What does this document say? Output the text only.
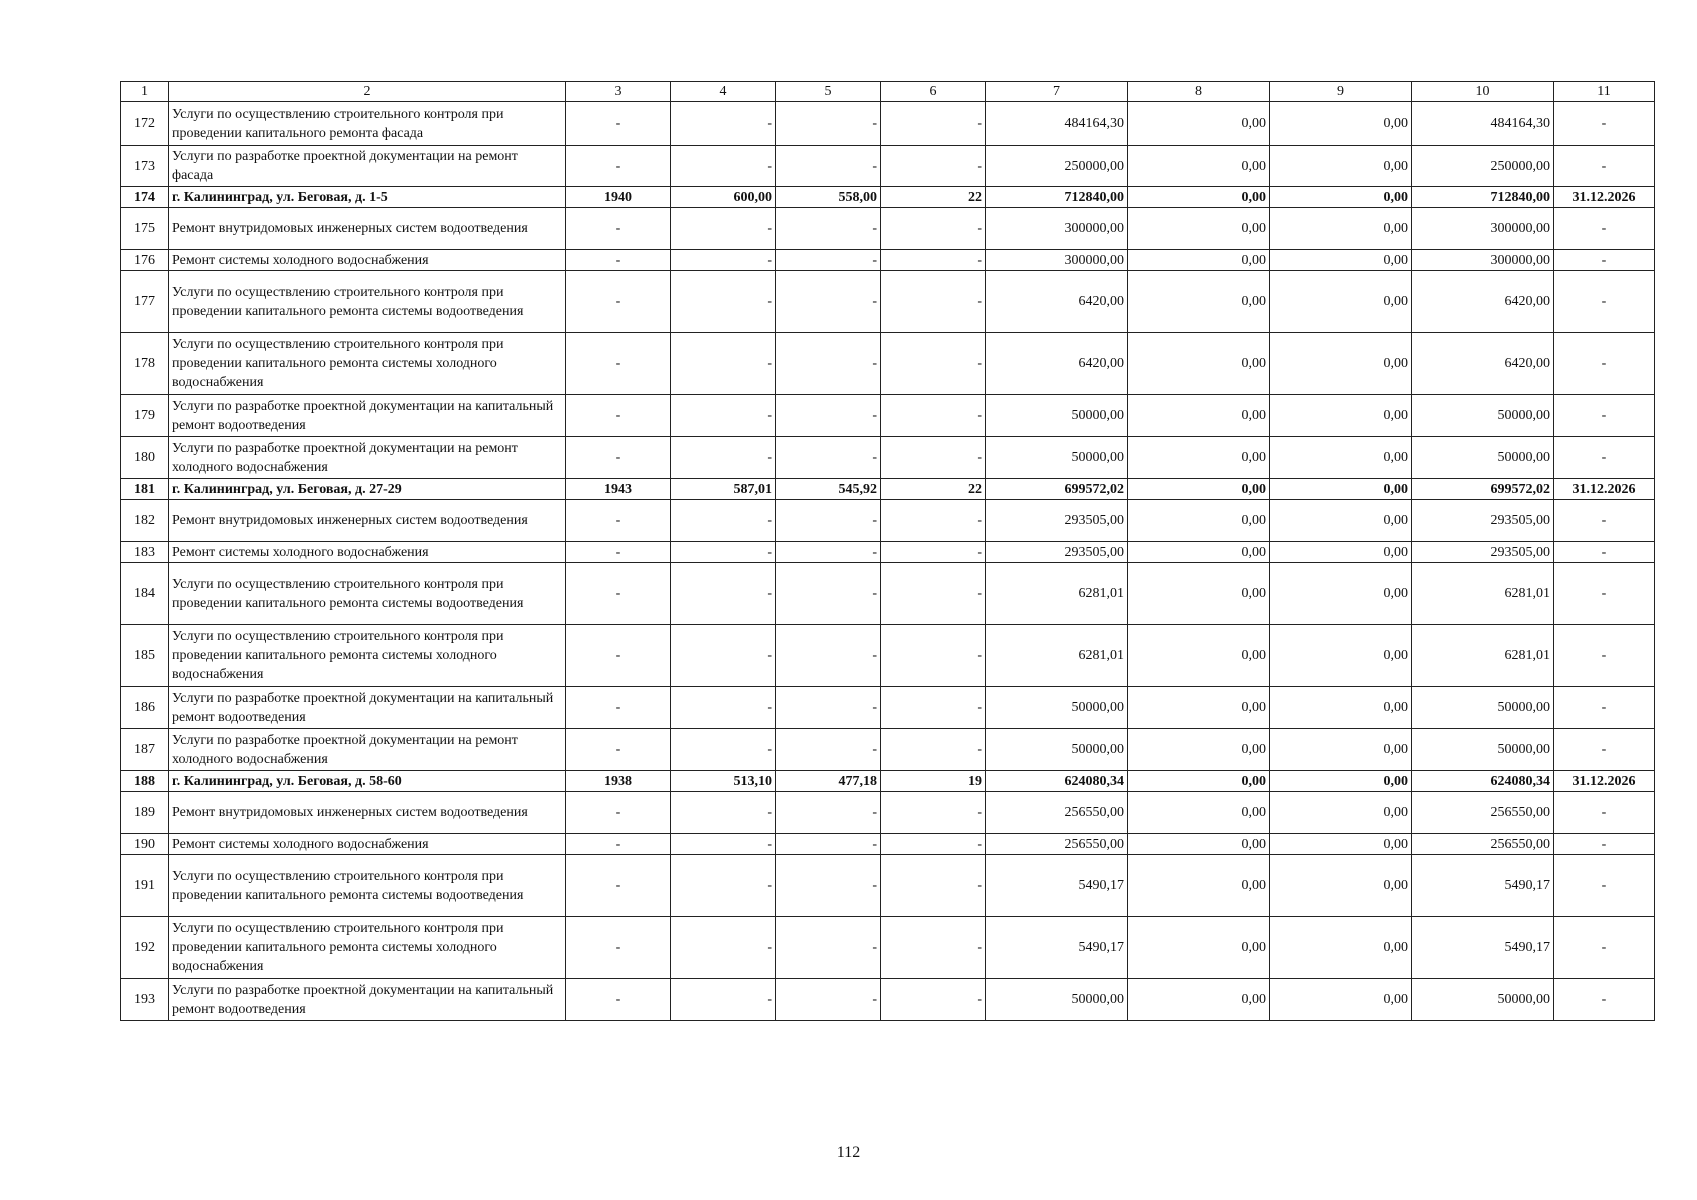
1	2	3	4	5	6	7	8	9	10	11
172	Услуги по осуществлению строительного контроля при проведении капитального ремонта фасада	-	-	-	-	484164,30	0,00	0,00	484164,30	-
173	Услуги по разработке проектной документации на ремонт фасада	-	-	-	-	250000,00	0,00	0,00	250000,00	-
174	г. Калининград, ул. Беговая, д. 1-5	1940	600,00	558,00	22	712840,00	0,00	0,00	712840,00	31.12.2026
175	Ремонт внутридомовых инженерных систем водоотведения	-	-	-	-	300000,00	0,00	0,00	300000,00	-
176	Ремонт системы холодного водоснабжения	-	-	-	-	300000,00	0,00	0,00	300000,00	-
177	Услуги по осуществлению строительного контроля при проведении капитального ремонта системы водоотведения	-	-	-	-	6420,00	0,00	0,00	6420,00	-
178	Услуги по осуществлению строительного контроля при проведении капитального ремонта системы холодного водоснабжения	-	-	-	-	6420,00	0,00	0,00	6420,00	-
179	Услуги по разработке проектной документации на капитальный ремонт водоотведения	-	-	-	-	50000,00	0,00	0,00	50000,00	-
180	Услуги по разработке проектной документации на ремонт холодного водоснабжения	-	-	-	-	50000,00	0,00	0,00	50000,00	-
181	г. Калининград, ул. Беговая, д. 27-29	1943	587,01	545,92	22	699572,02	0,00	0,00	699572,02	31.12.2026
182	Ремонт внутридомовых инженерных систем водоотведения	-	-	-	-	293505,00	0,00	0,00	293505,00	-
183	Ремонт системы холодного водоснабжения	-	-	-	-	293505,00	0,00	0,00	293505,00	-
184	Услуги по осуществлению строительного контроля при проведении капитального ремонта системы водоотведения	-	-	-	-	6281,01	0,00	0,00	6281,01	-
185	Услуги по осуществлению строительного контроля при проведении капитального ремонта системы холодного водоснабжения	-	-	-	-	6281,01	0,00	0,00	6281,01	-
186	Услуги по разработке проектной документации на капитальный ремонт водоотведения	-	-	-	-	50000,00	0,00	0,00	50000,00	-
187	Услуги по разработке проектной документации на ремонт холодного водоснабжения	-	-	-	-	50000,00	0,00	0,00	50000,00	-
188	г. Калининград, ул. Беговая, д. 58-60	1938	513,10	477,18	19	624080,34	0,00	0,00	624080,34	31.12.2026
189	Ремонт внутридомовых инженерных систем водоотведения	-	-	-	-	256550,00	0,00	0,00	256550,00	-
190	Ремонт системы холодного водоснабжения	-	-	-	-	256550,00	0,00	0,00	256550,00	-
191	Услуги по осуществлению строительного контроля при проведении капитального ремонта системы водоотведения	-	-	-	-	5490,17	0,00	0,00	5490,17	-
192	Услуги по осуществлению строительного контроля при проведении капитального ремонта системы холодного водоснабжения	-	-	-	-	5490,17	0,00	0,00	5490,17	-
193	Услуги по разработке проектной документации на капитальный ремонт водоотведения	-	-	-	-	50000,00	0,00	0,00	50000,00	-
112
